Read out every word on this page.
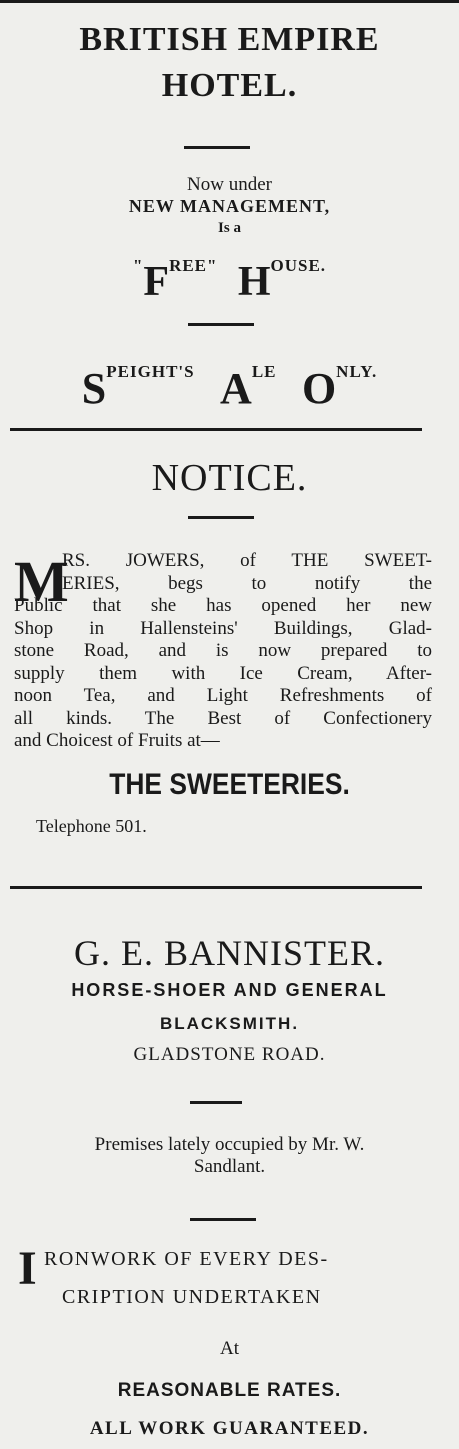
BRITISH EMPIRE
HOTEL.
Now under
NEW MANAGEMENT,
Is a
"FREE" HOUSE.
SPEIGHT'S ALE ONLY.
NOTICE.
M
RS. JOWERS, of THE SWEET-
ERIES, begs to notify the
Public that she has opened her new
Shop in Hallensteins' Buildings, Glad-
stone Road, and is now prepared to
supply them with Ice Cream, After-
noon Tea, and Light Refreshments of
all kinds. The Best of Confectionery
and Choicest of Fruits at—
THE SWEETERIES.
Telephone 501.
G. E. BANNISTER.
HORSE-SHOER AND GENERAL
BLACKSMITH.
GLADSTONE ROAD.
Premises lately occupied by Mr. W.
Sandlant.
I RONWORK OF EVERY DES-
CRIPTION UNDERTAKEN
At
REASONABLE RATES.
ALL WORK GUARANTEED.
